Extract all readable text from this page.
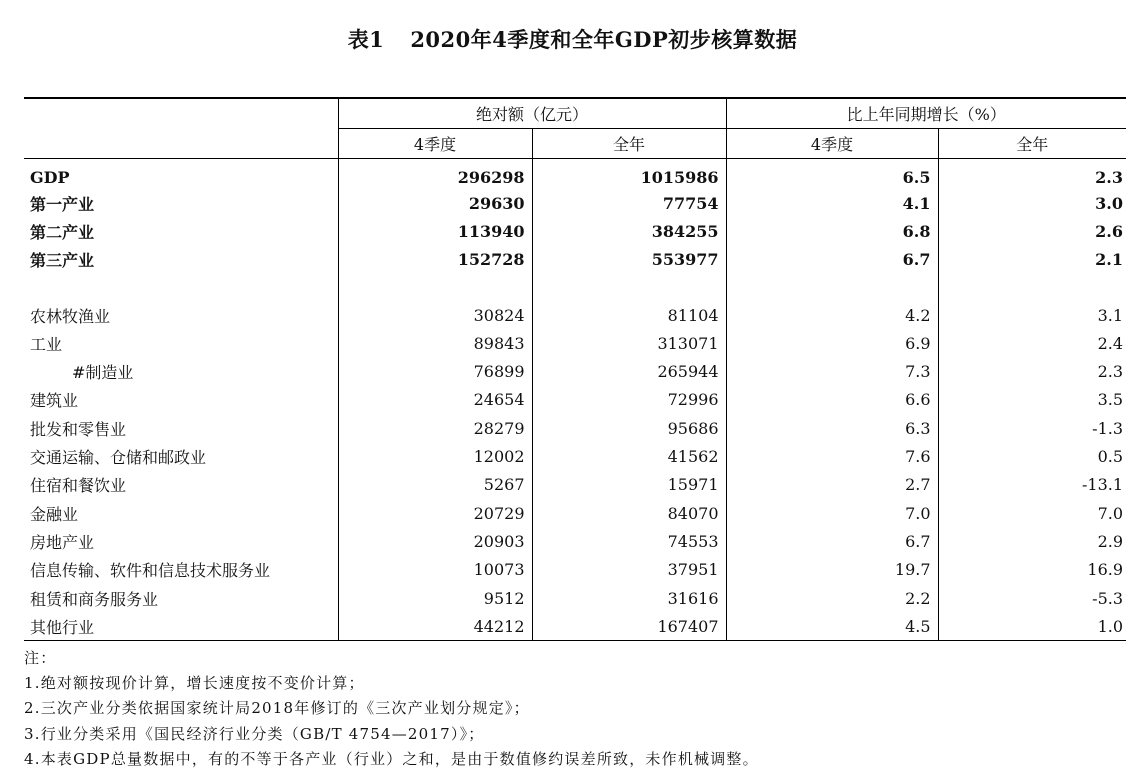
表1 2020年4季度和全年GDP初步核算数据
	绝对额（亿元）		比上年同期增长（%）	
	4季度	全年	4季度	全年
GDP	296298	1015986	6.5	2.3
第一产业	29630	77754	4.1	3.0
第二产业	113940	384255	6.8	2.6
第三产业	152728	553977	6.7	2.1

农林牧渔业	30824	81104	4.2	3.1
工业	89843	313071	6.9	2.4
#制造业	76899	265944	7.3	2.3
建筑业	24654	72996	6.6	3.5
批发和零售业	28279	95686	6.3	-1.3
交通运输、仓储和邮政业	12002	41562	7.6	0.5
住宿和餐饮业	5267	15971	2.7	-13.1
金融业	20729	84070	7.0	7.0
房地产业	20903	74553	6.7	2.9
信息传输、软件和信息技术服务业	10073	37951	19.7	16.9
租赁和商务服务业	9512	31616	2.2	-5.3
其他行业	44212	167407	4.5	1.0
注：
1.绝对额按现价计算，增长速度按不变价计算；
2.三次产业分类依据国家统计局2018年修订的《三次产业划分规定》；
3.行业分类采用《国民经济行业分类（GB/T 4754—2017）》；
4.本表GDP总量数据中，有的不等于各产业（行业）之和，是由于数值修约误差所致，未作机械调整。
